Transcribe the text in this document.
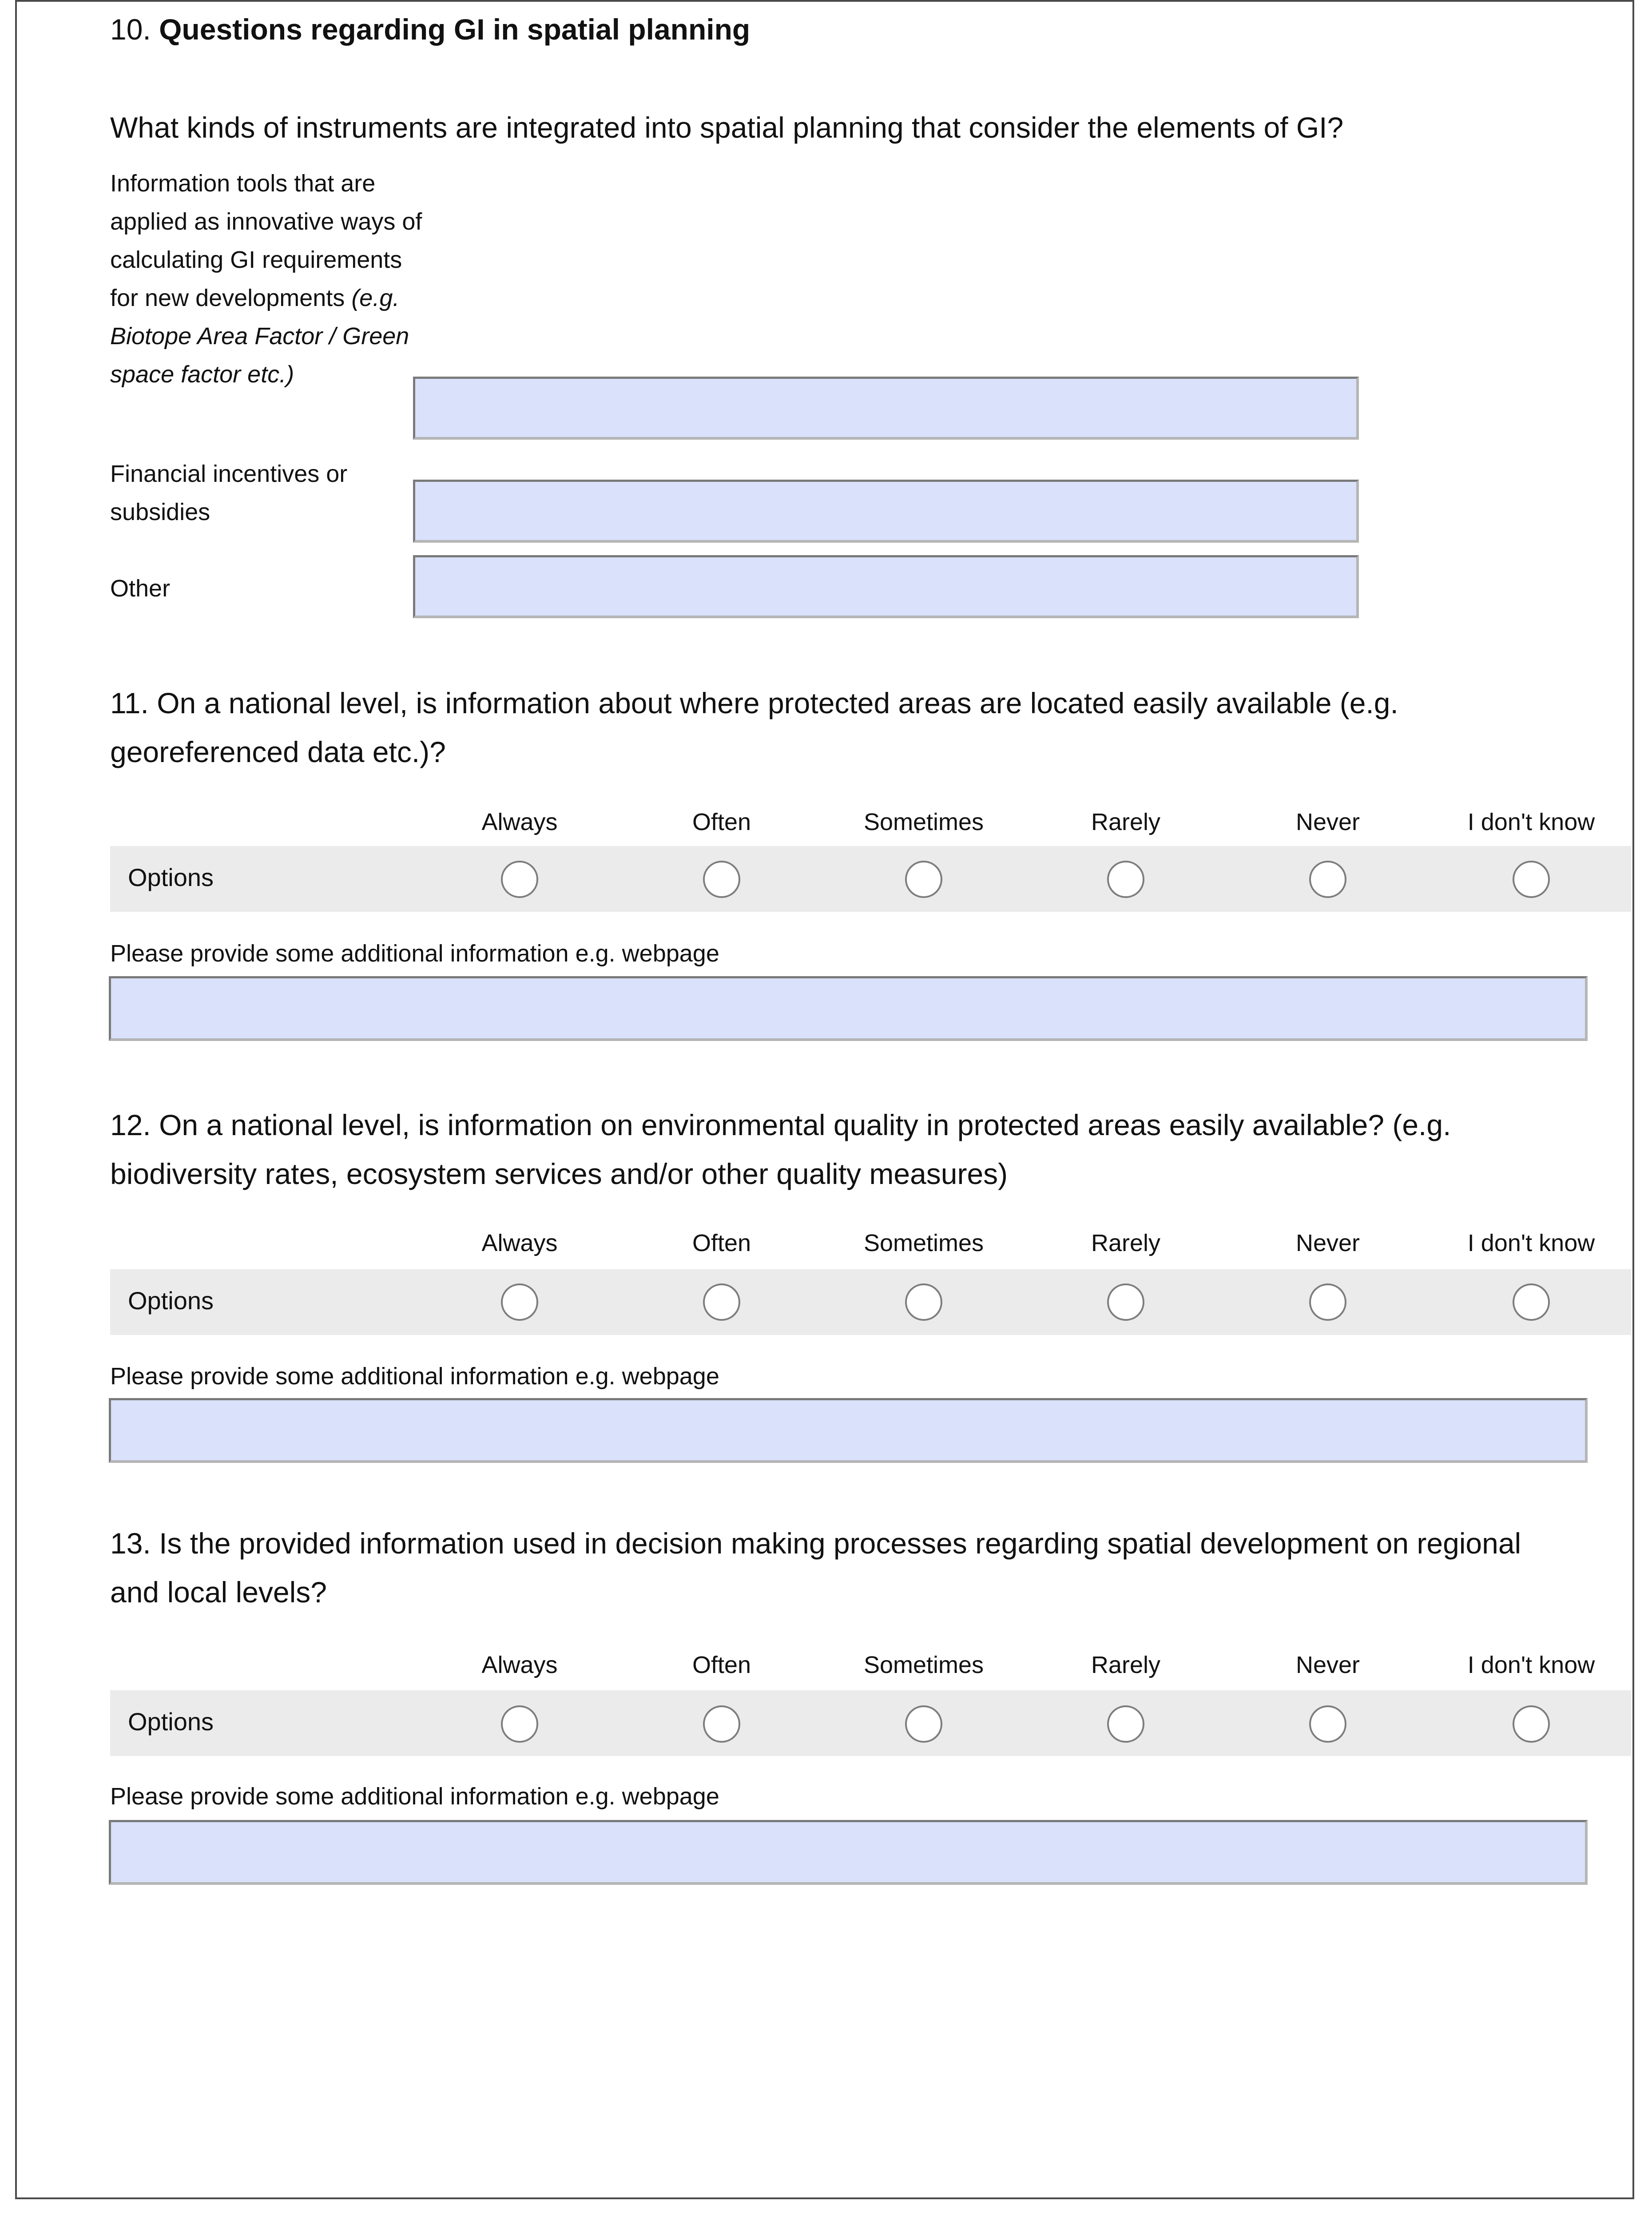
10. Questions regarding GI in spatial planning
What kinds of instruments are integrated into spatial planning that consider the elements of GI?
Information tools that are applied as innovative ways of calculating GI requirements for new developments (e.g. Biotope Area Factor / Green space factor etc.)
Financial incentives or subsidies
Other
11. On a national level, is information about where protected areas are located easily available (e.g. georeferenced data etc.)?
Always	Often	Sometimes	Rarely	Never	I don't know
Options
Please provide some additional information e.g. webpage
12. On a national level, is information on environmental quality in protected areas easily available? (e.g. biodiversity rates, ecosystem services and/or other quality measures)
Always	Often	Sometimes	Rarely	Never	I don't know
Options
Please provide some additional information e.g. webpage
13. Is the provided information used in decision making processes regarding spatial development on regional and local levels?
Always	Often	Sometimes	Rarely	Never	I don't know
Options
Please provide some additional information e.g. webpage
